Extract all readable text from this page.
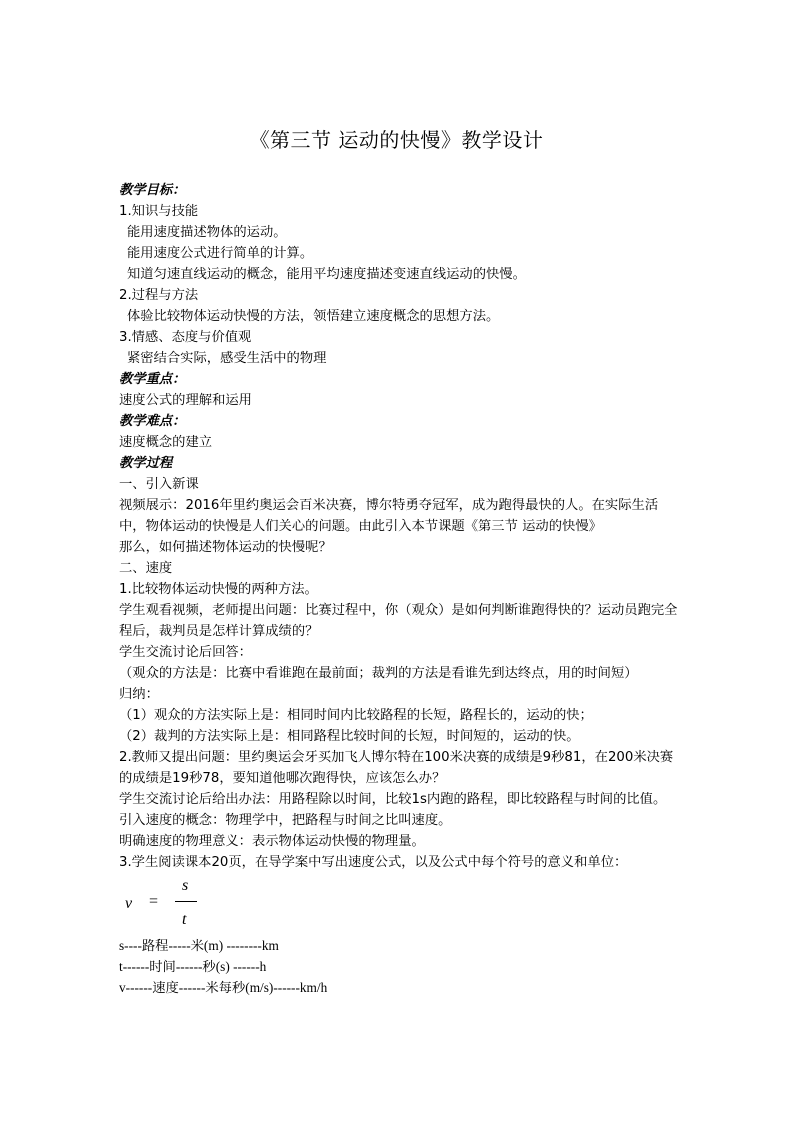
《第三节 运动的快慢》教学设计
教学目标：
1.知识与技能
能用速度描述物体的运动。
能用速度公式进行简单的计算。
知道匀速直线运动的概念，能用平均速度描述变速直线运动的快慢。
2.过程与方法
体验比较物体运动快慢的方法，领悟建立速度概念的思想方法。
3.情感、态度与价值观
紧密结合实际，感受生活中的物理
教学重点：
速度公式的理解和运用
教学难点：
速度概念的建立
教学过程
一、引入新课
视频展示：2016年里约奥运会百米决赛，博尔特勇夺冠军，成为跑得最快的人。在实际生活中，物体运动的快慢是人们关心的问题。由此引入本节课题《第三节 运动的快慢》
那么，如何描述物体运动的快慢呢？
二、速度
1.比较物体运动快慢的两种方法。
学生观看视频，老师提出问题：比赛过程中，你（观众）是如何判断谁跑得快的？运动员跑完全程后，裁判员是怎样计算成绩的？
学生交流讨论后回答：
（观众的方法是：比赛中看谁跑在最前面；裁判的方法是看谁先到达终点，用的时间短）
归纳：
（1）观众的方法实际上是：相同时间内比较路程的长短，路程长的，运动的快；
（2）裁判的方法实际上是：相同路程比较时间的长短，时间短的，运动的快。
2.教师又提出问题：里约奥运会牙买加飞人博尔特在100米决赛的成绩是9秒81，在200米决赛的成绩是19秒78，要知道他哪次跑得快，应该怎么办？
学生交流讨论后给出办法：用路程除以时间，比较1s内跑的路程，即比较路程与时间的比值。
引入速度的概念：物理学中，把路程与时间之比叫速度。
明确速度的物理意义：表示物体运动快慢的物理量。
3.学生阅读课本20页，在导学案中写出速度公式，以及公式中每个符号的意义和单位：
v =
s
t
s----路程-----米(m) --------km
t------时间------秒(s) ------h
v------速度------米每秒(m/s)------km/h
